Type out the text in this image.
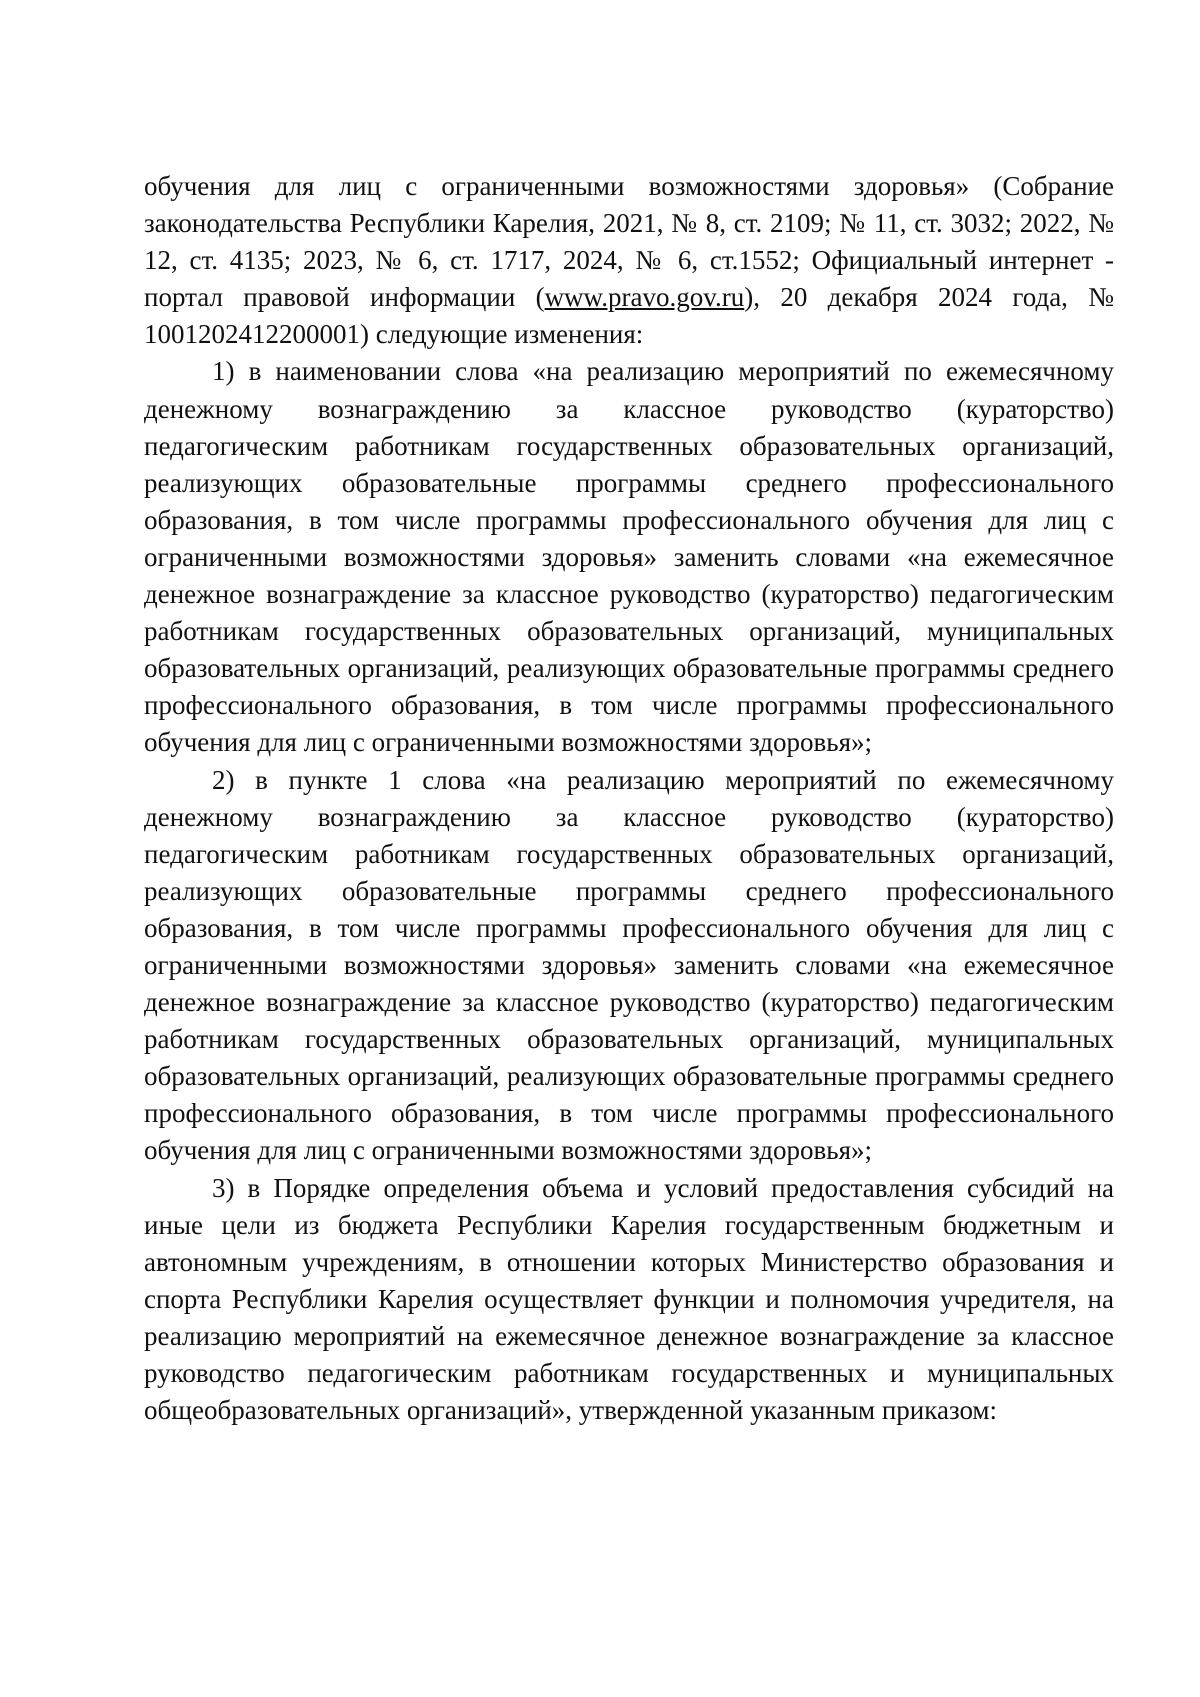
обучения для лиц с ограниченными возможностями здоровья» (Собрание законодательства Республики Карелия, 2021, № 8, ст. 2109; № 11, ст. 3032; 2022, № 12, ст. 4135; 2023, № 6, ст. 1717, 2024, № 6, ст.1552; Официальный интернет - портал правовой информации (www.pravo.gov.ru), 20 декабря 2024 года, № 1001202412200001) следующие изменения:

1) в наименовании слова «на реализацию мероприятий по ежемесячному денежному вознаграждению за классное руководство (кураторство) педагогическим работникам государственных образовательных организаций, реализующих образовательные программы среднего профессионального образования, в том числе программы профессионального обучения для лиц с ограниченными возможностями здоровья» заменить словами «на ежемесячное денежное вознаграждение за классное руководство (кураторство) педагогическим работникам государственных образовательных организаций, муниципальных образовательных организаций, реализующих образовательные программы среднего профессионального образования, в том числе программы профессионального обучения для лиц с ограниченными возможностями здоровья»;

2) в пункте 1 слова «на реализацию мероприятий по ежемесячному денежному вознаграждению за классное руководство (кураторство) педагогическим работникам государственных образовательных организаций, реализующих образовательные программы среднего профессионального образования, в том числе программы профессионального обучения для лиц с ограниченными возможностями здоровья» заменить словами «на ежемесячное денежное вознаграждение за классное руководство (кураторство) педагогическим работникам государственных образовательных организаций, муниципальных образовательных организаций, реализующих образовательные программы среднего профессионального образования, в том числе программы профессионального обучения для лиц с ограниченными возможностями здоровья»;

3) в Порядке определения объема и условий предоставления субсидий на иные цели из бюджета Республики Карелия государственным бюджетным и автономным учреждениям, в отношении которых Министерство образования и спорта Республики Карелия осуществляет функции и полномочия учредителя, на реализацию мероприятий на ежемесячное денежное вознаграждение за классное руководство педагогическим работникам государственных и муниципальных общеобразовательных организаций», утвержденной указанным приказом:
